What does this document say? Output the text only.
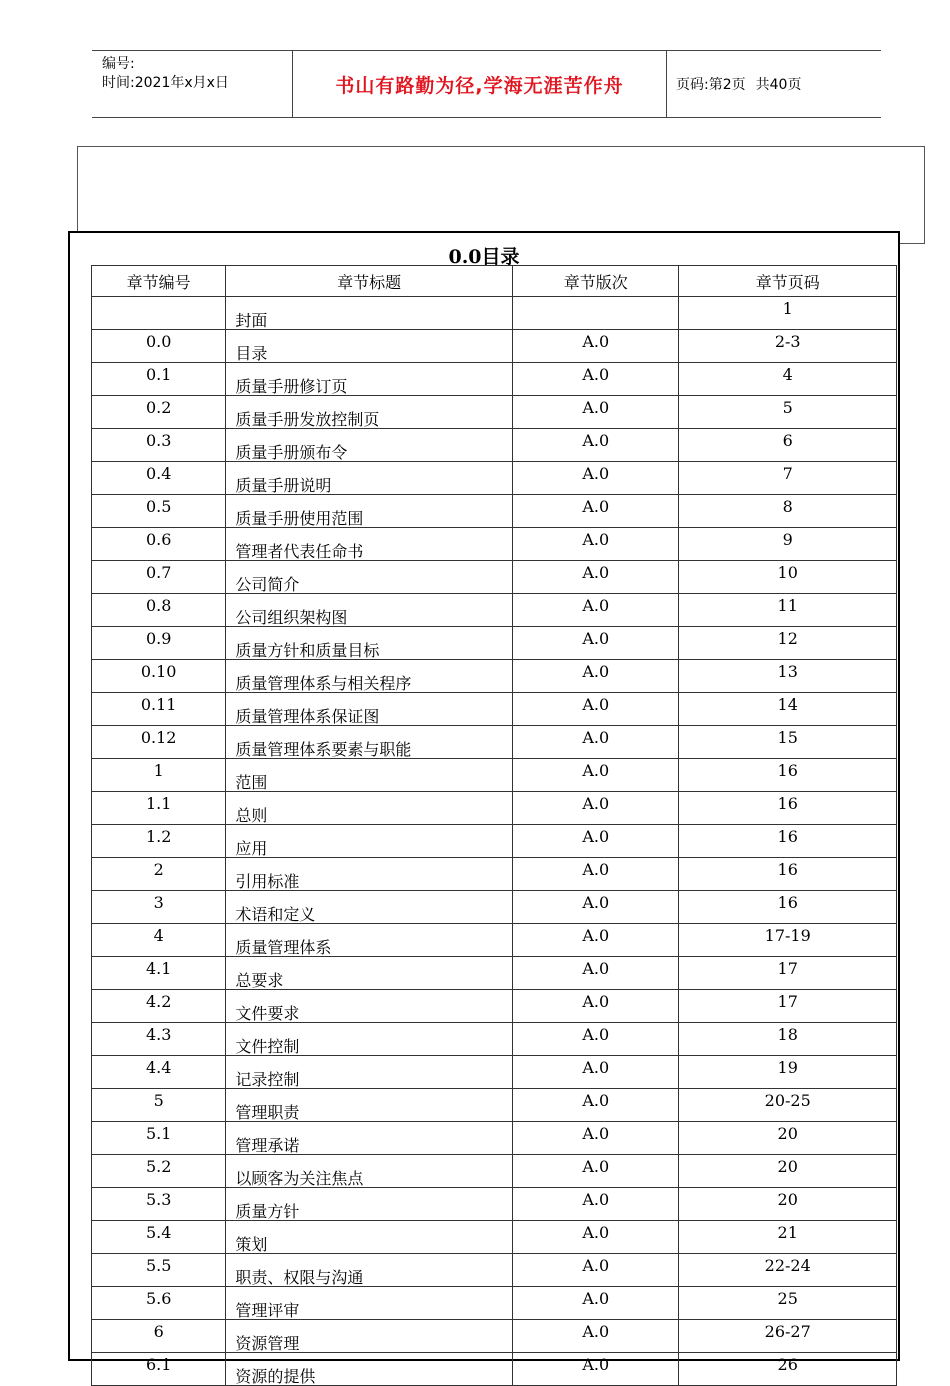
编号:
时间:2021年x月x日	书山有路勤为径,学海无涯苦作舟	页码:第2页 共40页
0.0目录
章节编号	章节标题	章节版次	章节页码
	封面		1
0.0	目录	A.0	2-3
0.1	质量手册修订页	A.0	4
0.2	质量手册发放控制页	A.0	5
0.3	质量手册颁布令	A.0	6
0.4	质量手册说明	A.0	7
0.5	质量手册使用范围	A.0	8
0.6	管理者代表任命书	A.0	9
0.7	公司简介	A.0	10
0.8	公司组织架构图	A.0	11
0.9	质量方针和质量目标	A.0	12
0.10	质量管理体系与相关程序	A.0	13
0.11	质量管理体系保证图	A.0	14
0.12	质量管理体系要素与职能	A.0	15
1	范围	A.0	16
1.1	总则	A.0	16
1.2	应用	A.0	16
2	引用标准	A.0	16
3	术语和定义	A.0	16
4	质量管理体系	A.0	17-19
4.1	总要求	A.0	17
4.2	文件要求	A.0	17
4.3	文件控制	A.0	18
4.4	记录控制	A.0	19
5	管理职责	A.0	20-25
5.1	管理承诺	A.0	20
5.2	以顾客为关注焦点	A.0	20
5.3	质量方针	A.0	20
5.4	策划	A.0	21
5.5	职责、权限与沟通	A.0	22-24
5.6	管理评审	A.0	25
6	资源管理	A.0	26-27
6.1	资源的提供	A.0	26
